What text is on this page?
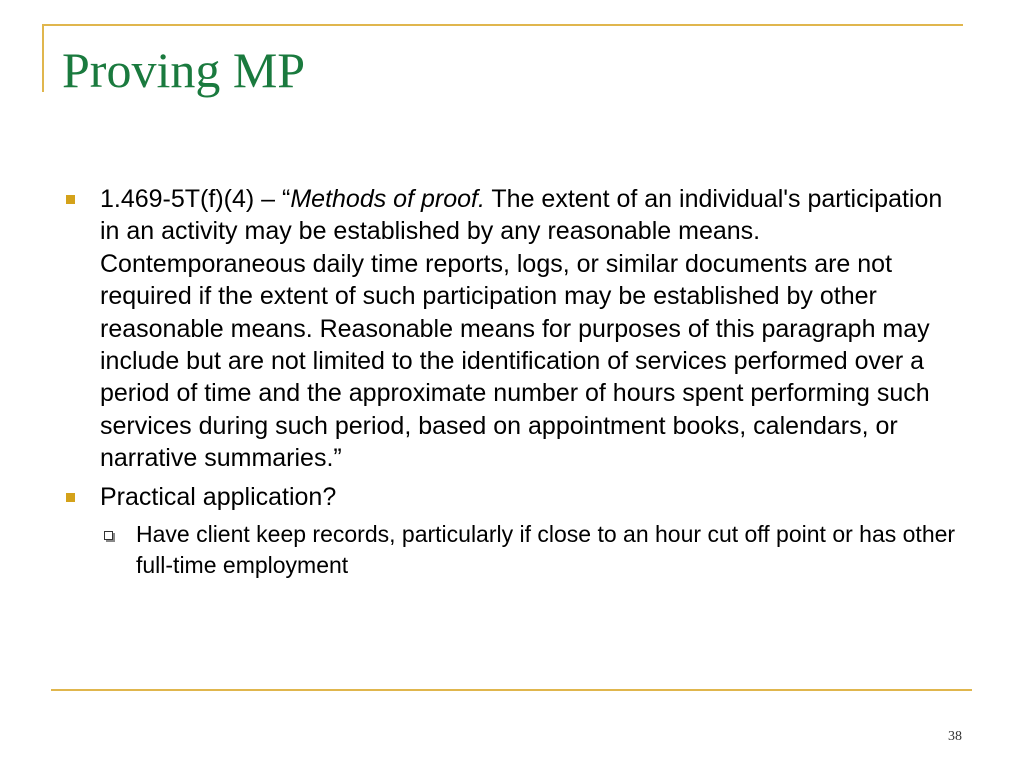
Proving MP
1.469-5T(f)(4) – “Methods of proof. The extent of an individual's participation in an activity may be established by any reasonable means. Contemporaneous daily time reports, logs, or similar documents are not required if the extent of such participation may be established by other reasonable means. Reasonable means for purposes of this paragraph may include but are not limited to the identification of services performed over a period of time and the approximate number of hours spent performing such services during such period, based on appointment books, calendars, or narrative summaries.”
Practical application?
Have client keep records, particularly if close to an hour cut off point or has other full-time employment
38
